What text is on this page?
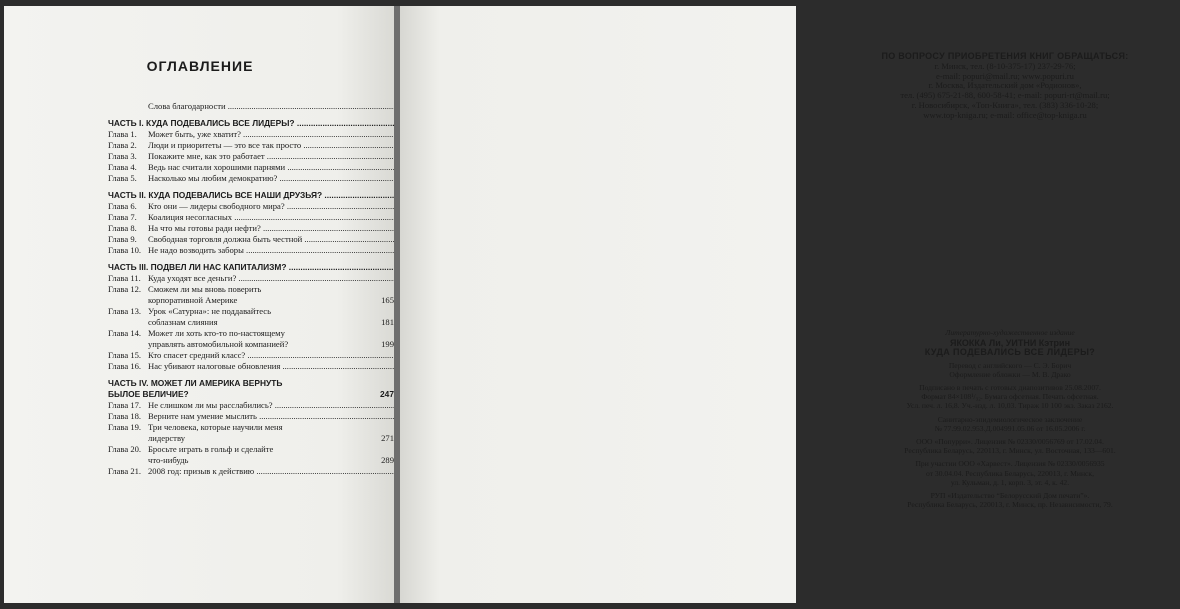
ОГЛАВЛЕНИЕ
Слова благодарности .....
ЧАСТЬ I. КУДА ПОДЕВАЛИСЬ ВСЕ ЛИДЕРЫ? .....
Глава 1.	Может быть, уже хватит? .....
Глава 2.	Люди и приоритеты — это все так просто .....
Глава 3.	Покажите мне, как это работает .....
Глава 4.	Ведь нас считали хорошими парнями .....
Глава 5.	Насколько мы любим демократию? .....
ЧАСТЬ II. КУДА ПОДЕВАЛИСЬ ВСЕ НАШИ ДРУЗЬЯ? .....
Глава 6.	Кто они — лидеры свободного мира? .....
Глава 7.	Коалиция несогласных .....
Глава 8.	На что мы готовы ради нефти? .....
Глава 9.	Свободная торговля должна быть честной .....
Глава 10. Не надо возводить заборы .....
ЧАСТЬ III. ПОДВЕЛ ЛИ НАС КАПИТАЛИЗМ? .....
Глава 11. Куда уходят все деньги? .....
Глава 12. Сможем ли мы вновь поверить
корпоративной Америке	165
Глава 13. Урок «Сатурна»: не поддавайтесь
соблазнам слияния	181
Глава 14. Может ли хоть кто-то по-настоящему
управлять автомобильной компанией?	199
Глава 15. Кто спасет средний класс? .....
Глава 16. Нас убивают налоговые обновления .....
ЧАСТЬ IV. МОЖЕТ ЛИ АМЕРИКА ВЕРНУТЬ
БЫЛОЕ ВЕЛИЧИЕ?	247
Глава 17. Не слишком ли мы расслабились? .....
Глава 18. Верните нам умение мыслить .....
Глава 19. Три человека, которые научили меня
лидерству	271
Глава 20. Бросьте играть в гольф и сделайте
что-нибудь	289
Глава 21. 2008 год: призыв к действию .....
ПО ВОПРОСУ ПРИОБРЕТЕНИЯ КНИГ ОБРАЩАТЬСЯ:
г. Минск, тел. (8-10-375-17) 237-29-76;
e-mail: popuri@mail.ru; www.popuri.ru
г. Москва, Издательский дом «Родионов»,
тел. (495) 675-21-88, 600-58-41; e-mail: popuri-rt@mail.ru;
г. Новосибирск, «Топ-Книга», тел. (383) 336-10-28;
www.top-kniga.ru; e-mail: office@top-kniga.ru
Литературно-художественное издание
ЯКОККА Ли, УИТНИ Кэтрин
КУДА ПОДЕВАЛИСЬ ВСЕ ЛИДЕРЫ?
Перевод с английского — С. Э. Борич
Оформление обложки — М. В. Драко
Подписано в печать с готовых диапозитивов 25.08.2007.
Формат 84×108¹/₃₂. Бумага офсетная. Печать офсетная.
Усл. печ. л. 16,8. Уч.-изд. л. 10,03. Тираж 10 100 экз. Заказ 2162.
Санитарно-эпидемиологическое заключение
№ 77.99.02.953.Д.004991.05.06 от 16.05.2006 г.
ООО «Попурри». Лицензия № 02330/0056769 от 17.02.04.
Республика Беларусь, 220113, г. Минск, ул. Восточная, 133—601.
При участии ООО «Харвест». Лицензия № 02330/0056935
от 30.04.04. Республика Беларусь, 220013, г. Минск,
ул. Кульман, д. 1, корп. 3, эт. 4, к. 42.
РУП «Издательство “Белорусский Дом печати”».
Республика Беларусь, 220013, г. Минск, пр. Независимости, 79.
